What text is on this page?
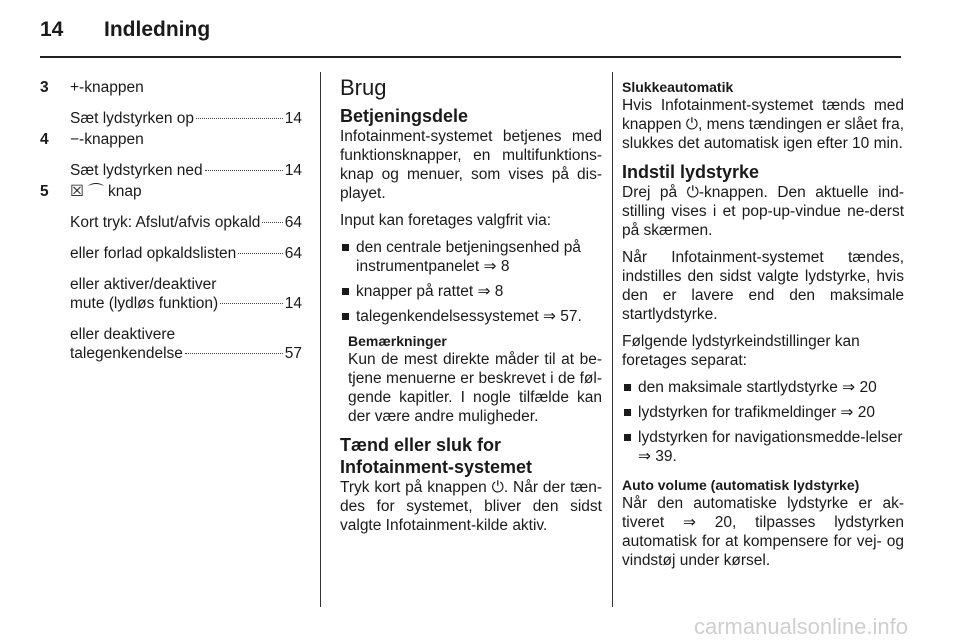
14 Indledning
3	+-knappen
Sæt lydstyrken op	14
4	−-knappen
Sæt lydstyrken ned	14
5	☒ ⌒ knap
Kort tryk: Afslut/afvis opkald 64
eller forlad opkaldslisten	64
eller aktiver/deaktiver
mute (lydløs funktion)	14
eller deaktivere
talegenkendelse	57
Brug
Betjeningsdele

Infotainment-systemet betjenes med funktionsknapper, en multifunktions-knap og menuer, som vises på dis-playet.

Input kan foretages valgfrit via:

den centrale betjeningsenhed på instrumentpanelet ⇒ 8
knapper på rattet ⇒ 8
talegenkendelsessystemet ⇒ 57.
Bemærkninger

Kun de mest direkte måder til at be-tjene menuerne er beskrevet i de føl-gende kapitler. I nogle tilfælde kan der være andre muligheder.

Tænd eller sluk for
Infotainment-systemet

Tryk kort på knappen ⏻. Når der tæn-des for systemet, bliver den sidst valgte Infotainment-kilde aktiv.

Slukkeautomatik

Hvis Infotainment-systemet tænds med knappen ⏻, mens tændingen er slået fra, slukkes det automatisk igen efter 10 min.

Indstil lydstyrke

Drej på ⏻-knappen. Den aktuelle ind-stilling vises i et pop-up-vindue ne-derst på skærmen.

Når Infotainment-systemet tændes, indstilles den sidst valgte lydstyrke, hvis den er lavere end den maksimale startlydstyrke.

Følgende lydstyrkeindstillinger kan foretages separat:

den maksimale startlydstyrke ⇒ 20
lydstyrken for trafikmeldinger ⇒ 20
lydstyrken for navigationsmedde-lelser ⇒ 39.
Auto volume (automatisk lydstyrke)

Når den automatiske lydstyrke er ak-tiveret ⇒ 20, tilpasses lydstyrken automatisk for at kompensere for vej- og vindstøj under kørsel.

carmanualsonline.info
